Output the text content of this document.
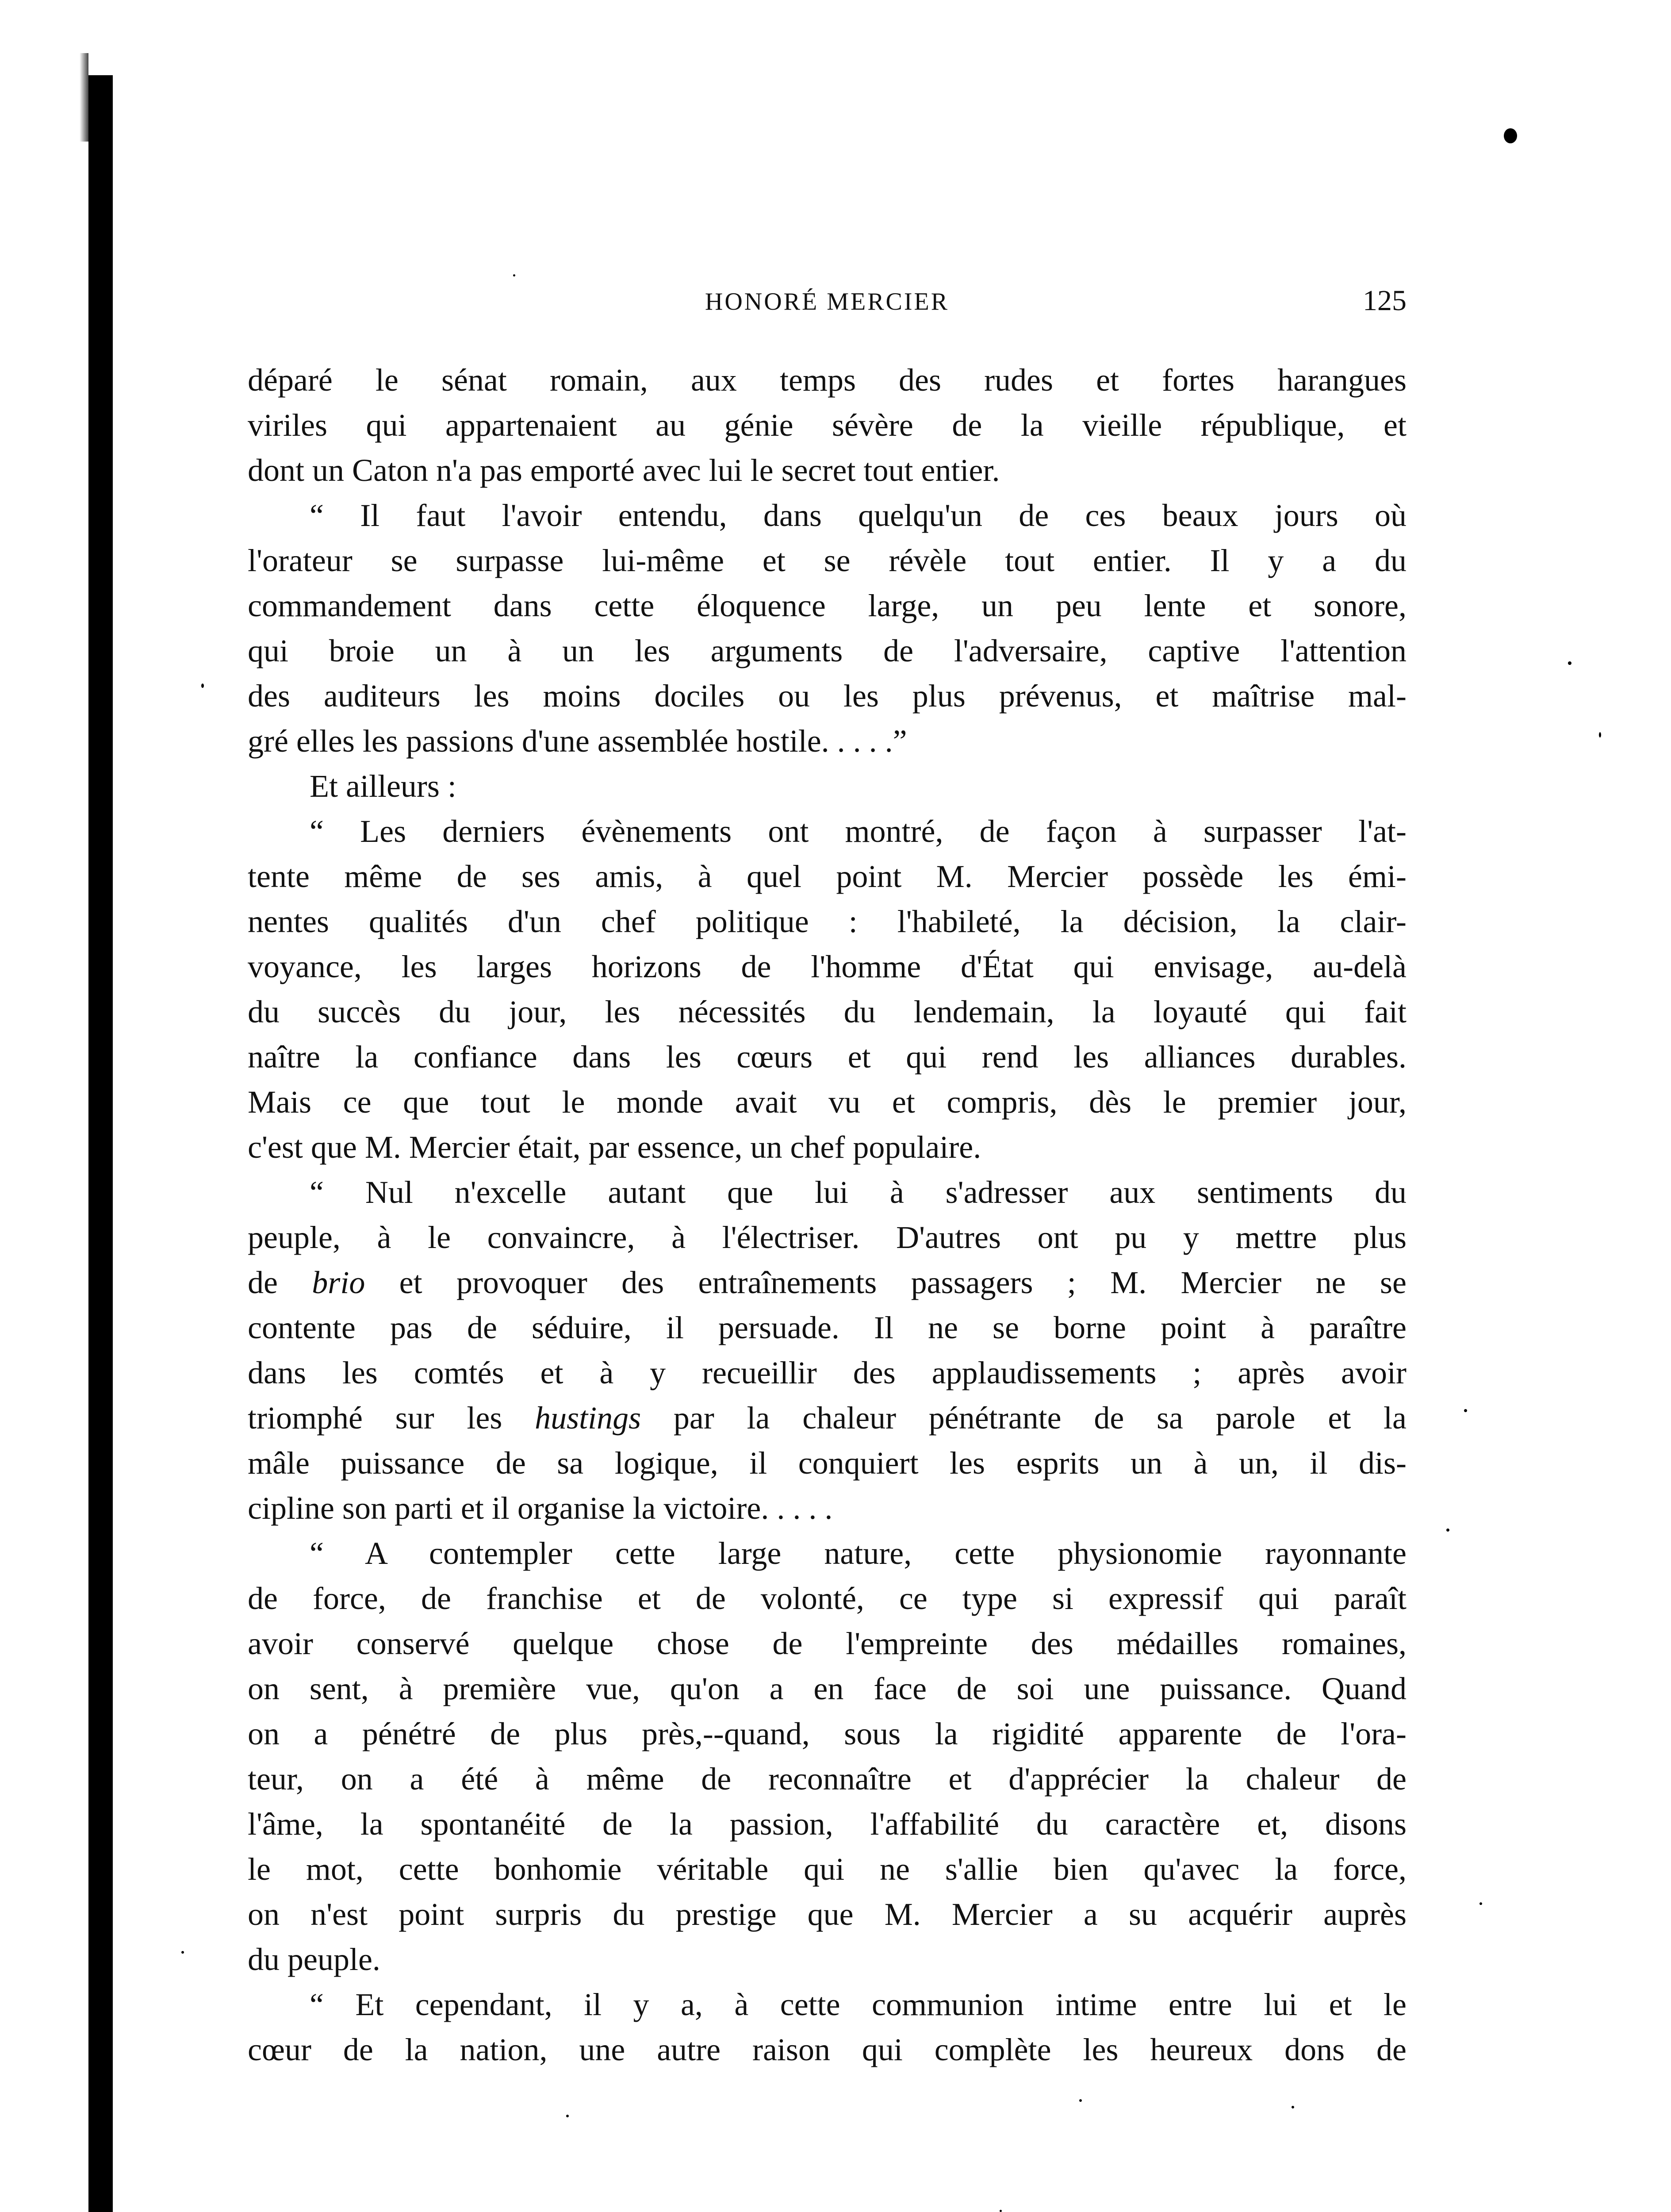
HONORÉ MERCIER	125

déparé le sénat romain, aux temps des rudes et fortes harangues

viriles qui appartenaient au génie sévère de la vieille république, et

dont un Caton n'a pas emporté avec lui le secret tout entier.

“ Il faut l'avoir entendu, dans quelqu'un de ces beaux jours où

l'orateur se surpasse lui-même et se révèle tout entier. Il y a du

commandement dans cette éloquence large, un peu lente et sonore,

qui broie un à un les arguments de l'adversaire, captive l'attention

des auditeurs les moins dociles ou les plus prévenus, et maîtrise mal-

gré elles les passions d'une assemblée hostile. . . . .”

Et ailleurs :

“ Les derniers évènements ont montré, de façon à surpasser l'at-

tente même de ses amis, à quel point M. Mercier possède les émi-

nentes qualités d'un chef politique : l'habileté, la décision, la clair-

voyance, les larges horizons de l'homme d'État qui envisage, au-delà

du succès du jour, les nécessités du lendemain, la loyauté qui fait

naître la confiance dans les cœurs et qui rend les alliances durables.

Mais ce que tout le monde avait vu et compris, dès le premier jour,

c'est que M. Mercier était, par essence, un chef populaire.

“ Nul n'excelle autant que lui à s'adresser aux sentiments du

peuple, à le convaincre, à l'électriser. D'autres ont pu y mettre plus

de brio et provoquer des entraînements passagers ; M. Mercier ne se

contente pas de séduire, il persuade. Il ne se borne point à paraître

dans les comtés et à y recueillir des applaudissements ; après avoir

triomphé sur les hustings par la chaleur pénétrante de sa parole et la

mâle puissance de sa logique, il conquiert les esprits un à un, il dis-

cipline son parti et il organise la victoire. . . . .

“ A contempler cette large nature, cette physionomie rayonnante

de force, de franchise et de volonté, ce type si expressif qui paraît

avoir conservé quelque chose de l'empreinte des médailles romaines,

on sent, à première vue, qu'on a en face de soi une puissance. Quand

on a pénétré de plus près,--quand, sous la rigidité apparente de l'ora-

teur, on a été à même de reconnaître et d'apprécier la chaleur de

l'âme, la spontanéité de la passion, l'affabilité du caractère et, disons

le mot, cette bonhomie véritable qui ne s'allie bien qu'avec la force,

on n'est point surpris du prestige que M. Mercier a su acquérir auprès

du peuple.

“ Et cependant, il y a, à cette communion intime entre lui et le

cœur de la nation, une autre raison qui complète les heureux dons de
